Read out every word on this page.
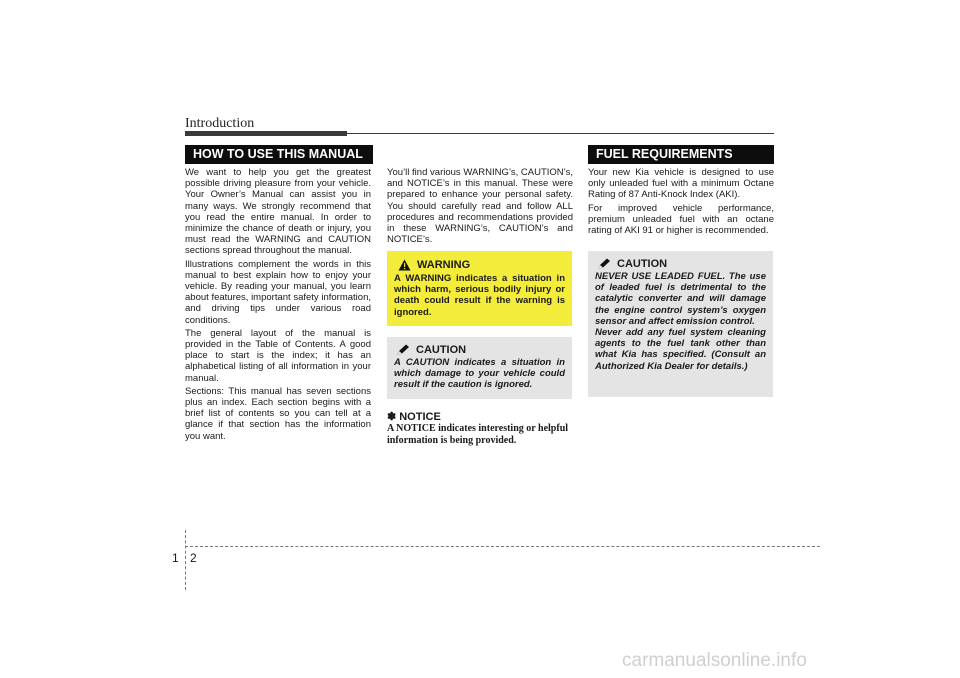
Introduction
HOW TO USE THIS MANUAL	FUEL REQUIREMENTS

We want to help you get the greatest possible driving pleasure from your vehicle. Your Owner’s Manual can assist you in many ways. We strongly recommend that you read the entire manual. In order to minimize the chance of death or injury, you must read the WARNING and CAUTION sections spread throughout the manual.

Illustrations complement the words in this manual to best explain how to enjoy your vehicle. By reading your manual, you learn about features, important safety information, and driving tips under various road conditions.

The general layout of the manual is provided in the Table of Contents. A good place to start is the index; it has an alphabetical listing of all information in your manual.

Sections: This manual has seven sections plus an index. Each section begins with a brief list of contents so you can tell at a glance if that section has the information you want.

You’ll find various WARNING’s, CAUTION’s, and NOTICE’s in this manual. These were prepared to enhance your personal safety. You should carefully read and follow ALL procedures and recommendations provided in these WARNING’s, CAUTION’s and NOTICE’s.

WARNING
A WARNING indicates a situation in which harm, serious bodily injury or death could result if the warning is ignored.
CAUTION
A CAUTION indicates a situation in which damage to your vehicle could result if the caution is ignored.
✽ NOTICE
A NOTICE indicates interesting or helpful information is being provided.

Your new Kia vehicle is designed to use only unleaded fuel with a minimum Octane Rating of 87 Anti-Knock Index (AKI).

For improved vehicle performance, premium unleaded fuel with an octane rating of AKI 91 or higher is recommended.

CAUTION

NEVER USE LEADED FUEL. The use of leaded fuel is detrimental to the catalytic converter and will damage the engine control system’s oxygen sensor and affect emission control.

Never add any fuel system cleaning agents to the fuel tank other than what Kia has specified. (Consult an Authorized Kia Dealer for details.)

1 2
carmanualsonline.info
